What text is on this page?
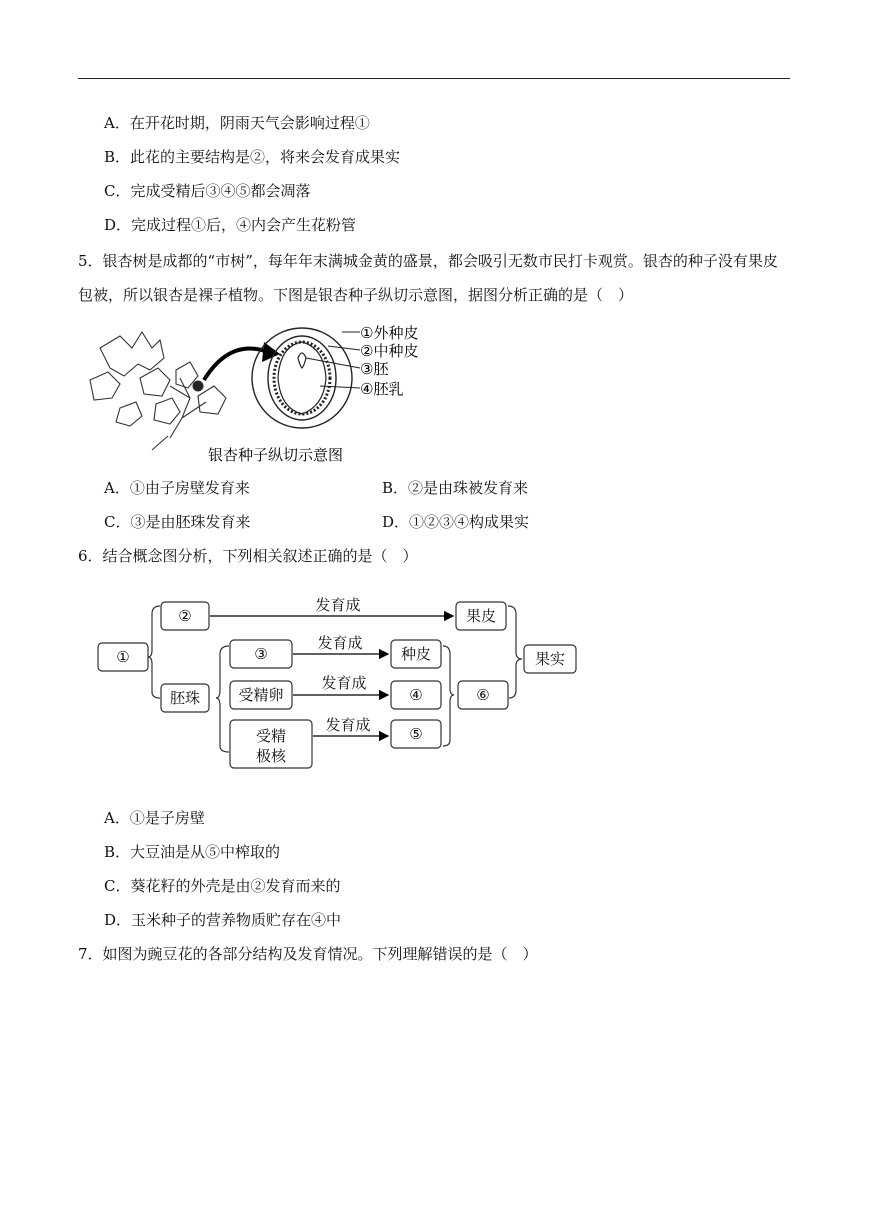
A．在开花时期，阴雨天气会影响过程①
B．此花的主要结构是②，将来会发育成果实
C．完成受精后③④⑤都会凋落
D．完成过程①后，④内会产生花粉管
5．银杏树是成都的“市树”，每年年末满城金黄的盛景，都会吸引无数市民打卡观赏。银杏的种子没有果皮
包被，所以银杏是裸子植物。下图是银杏种子纵切示意图，据图分析正确的是（　）
①外种皮
②中种皮
③胚
④胚乳
银杏种子纵切示意图
A．①由子房壁发育来	B．②是由珠被发育来
C．③是由胚珠发育来	D．①②③④构成果实
6．结合概念图分析，下列相关叙述正确的是（　）
①
②
胚珠
③
受精卵
受精
极核
果皮
种皮
④
⑤
⑥
果实
发育成
发育成
发育成
发育成
A．①是子房壁
B．大豆油是从⑤中榨取的
C．葵花籽的外壳是由②发育而来的
D．玉米种子的营养物质贮存在④中
7．如图为豌豆花的各部分结构及发育情况。下列理解错误的是（　）
